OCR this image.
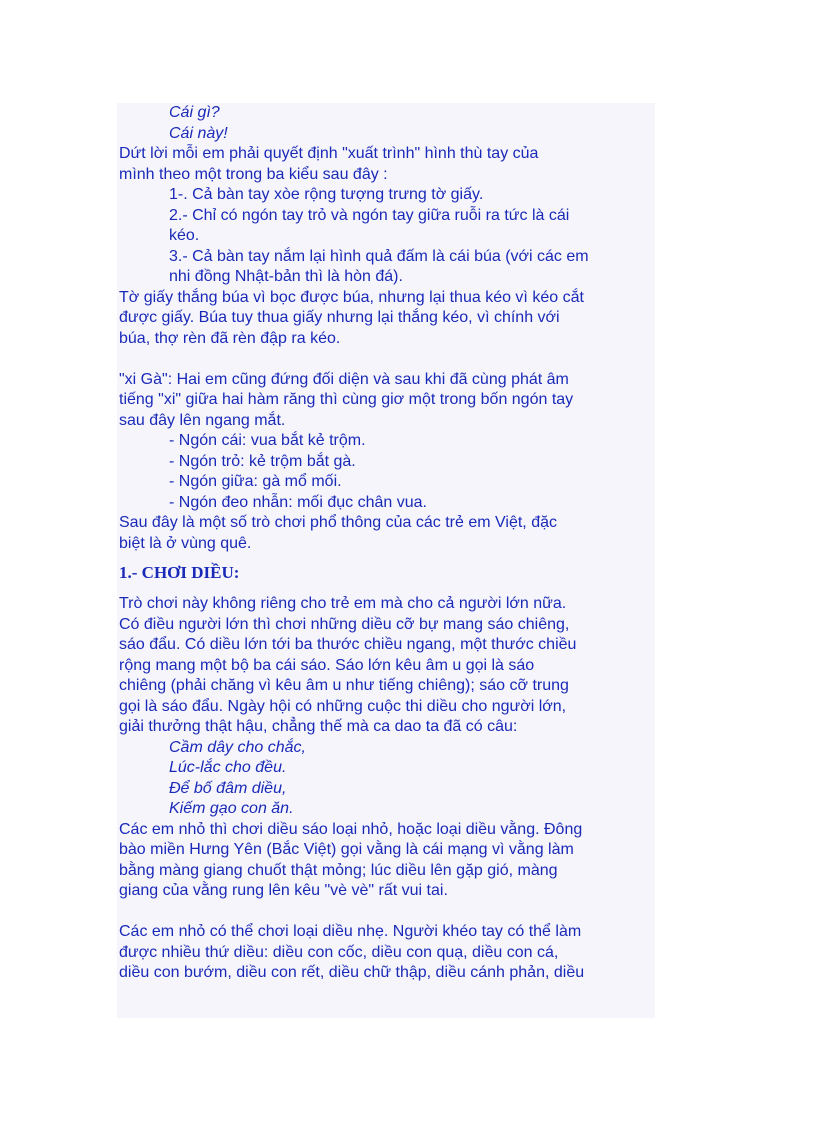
Cái gì?
Cái này!
Dứt lời mỗi em phải quyết định "xuất trình" hình thù tay của
mình theo một trong ba kiểu sau đây :
1-. Cả bàn tay xòe rộng tượng trưng tờ giấy.
2.- Chỉ có ngón tay trỏ và ngón tay giữa ruỗi ra tức là cái
kéo.
3.- Cả bàn tay nắm lại hình quả đấm là cái búa (với các em
nhi đồng Nhật-bản thì là hòn đá).
Tờ giấy thắng búa vì bọc được búa, nhưng lại thua kéo vì kéo cắt
được giấy. Búa tuy thua giấy nhưng lại thắng kéo, vì chính với
búa, thợ rèn đã rèn đập ra kéo.
"xi Gà": Hai em cũng đứng đối diện và sau khi đã cùng phát âm
tiếng "xi" giữa hai hàm răng thì cùng giơ một trong bốn ngón tay
sau đây lên ngang mắt.
- Ngón cái: vua bắt kẻ trộm.
- Ngón trỏ: kẻ trộm bắt gà.
- Ngón giữa: gà mổ mối.
- Ngón đeo nhẫn: mối đục chân vua.
Sau đây là một số trò chơi phổ thông của các trẻ em Việt, đặc
biệt là ở vùng quê.
1.- CHƠI DIỀU:
Trò chơi này không riêng cho trẻ em mà cho cả người lớn nữa.
Có điều người lớn thì chơi những diều cỡ bự mang sáo chiêng,
sáo đẩu. Có diều lớn tới ba thước chiều ngang, một thước chiều
rộng mang một bộ ba cái sáo. Sáo lớn kêu âm u gọi là sáo
chiêng (phải chăng vì kêu âm u như tiếng chiêng); sáo cỡ trung
gọi là sáo đẩu. Ngày hội có những cuộc thi diều cho người lớn,
giải thưởng thật hậu, chẳng thế mà ca dao ta đã có câu:
Cầm dây cho chắc,
Lúc-lắc cho đều.
Để bố đâm diều,
Kiếm gạo con ăn.
Các em nhỏ thì chơi diều sáo loại nhỏ, hoặc loại diều vằng. Đông
bào miền Hưng Yên (Bắc Việt) gọi vằng là cái mạng vì vằng làm
bằng màng giang chuốt thật mỏng; lúc diều lên gặp gió, màng
giang của vằng rung lên kêu "vè vè" rất vui tai.
Các em nhỏ có thể chơi loại diều nhẹ. Người khéo tay có thể làm
được nhiều thứ diều: diều con cốc, diều con quạ, diều con cá,
diều con bướm, diều con rết, diều chữ thập, diều cánh phản, diều
